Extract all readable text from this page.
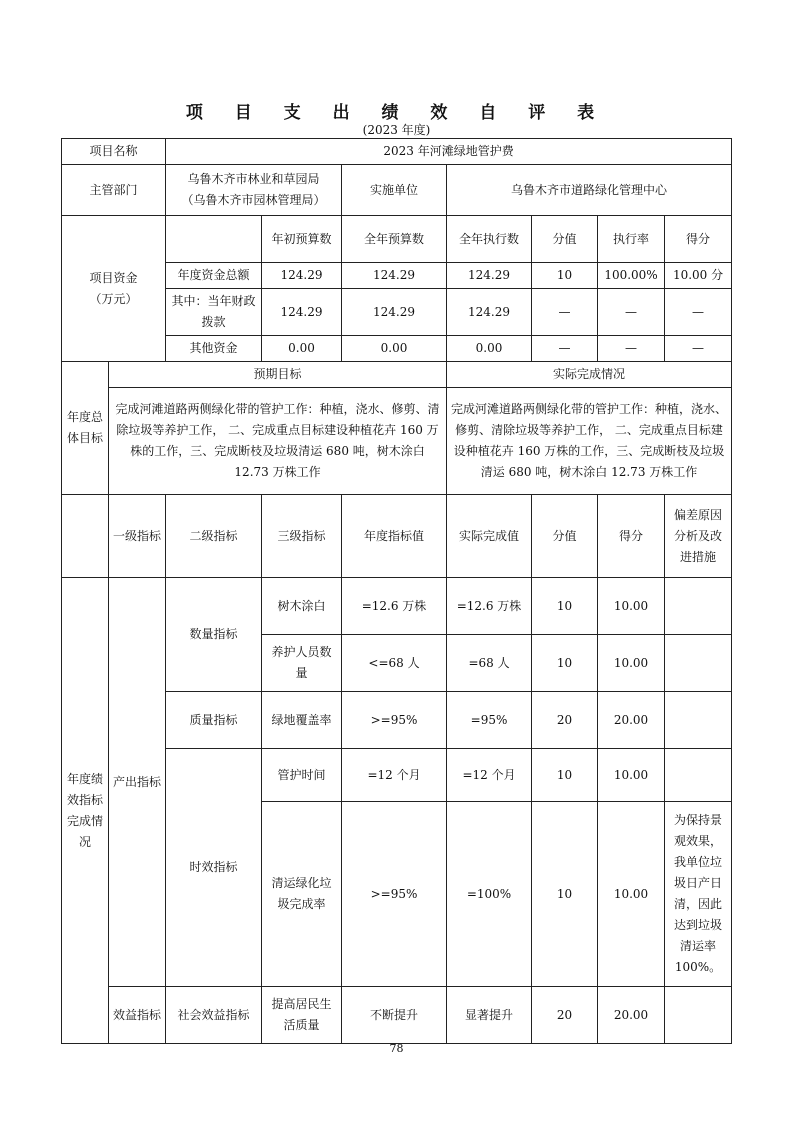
项 目 支 出 绩 效 自 评 表
(2023 年度)
项目名称		2023 年河滩绿地管护费						
主管部门		乌鲁木齐市林业和草园局
（乌鲁木齐市园林管理局）		实施单位	乌鲁木齐市道路绿化管理中心			

项目资金
（万元）			年初预算数	全年预算数	全年执行数	分值	执行率	得分
		年度资金总额	124.29	124.29	124.29	10	100.00%	10.00 分
		其中：当年财政拨款	124.29	124.29	124.29	—	—	—
		其他资金	0.00	0.00	0.00	—	—	—
年度总体目标	预期目标				实际完成情况			
	完成河滩道路两侧绿化带的管护工作：种植，浇水、修剪、清除垃圾等养护工作， 二、完成重点目标建设种植花卉 160 万株的工作，三、完成断枝及垃圾清运 680 吨，树木涂白 12.73 万株工作				完成河滩道路两侧绿化带的管护工作：种植，浇水、修剪、清除垃圾等养护工作， 二、完成重点目标建设种植花卉 160 万株的工作，三、完成断枝及垃圾清运 680 吨，树木涂白 12.73 万株工作			
	一级指标	二级指标	三级指标	年度指标值	实际完成值	分值	得分	偏差原因分析及改进措施
年度绩效指标完成情况	产出指标	数量指标	树木涂白	=12.6 万株	=12.6 万株	10	10.00	
			养护人员数量	<=68 人	=68 人	10	10.00	
		质量指标	绿地覆盖率	>=95%	=95%	20	20.00	
		时效指标	管护时间	=12 个月	=12 个月	10	10.00	
			清运绿化垃圾完成率	>=95%	=100%	10	10.00	为保持景观效果，我单位垃圾日产日清，因此达到垃圾清运率 100%。
	效益指标	社会效益指标	提高居民生活质量	不断提升	显著提升	20	20.00	
78
